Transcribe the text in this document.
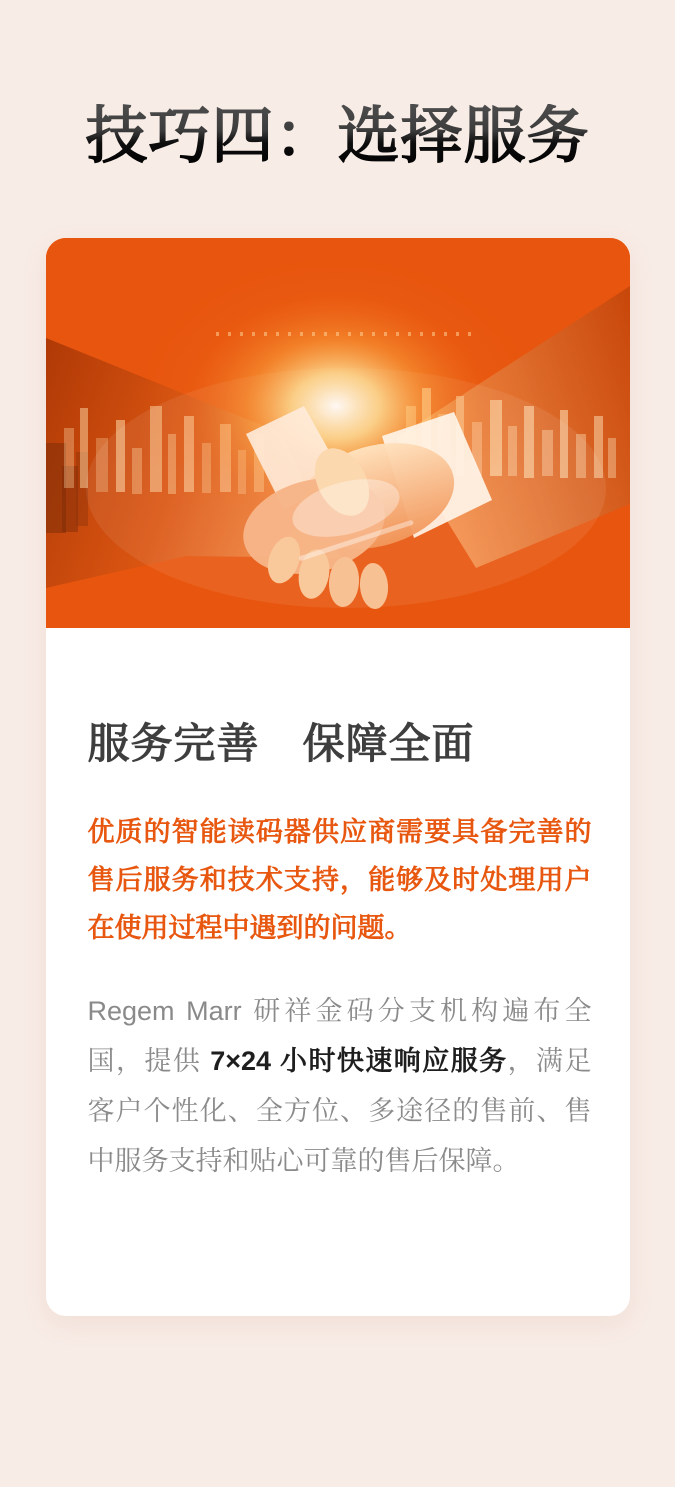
技巧四：选择服务
服务完善　保障全面

优质的智能读码器供应商需要具备完善的售后服务和技术支持，能够及时处理用户在使用过程中遇到的问题。

Regem Marr 研祥金码分支机构遍布全国，提供 7×24 小时快速响应服务，满足客户个性化、全方位、多途径的售前、售中服务支持和贴心可靠的售后保障。
